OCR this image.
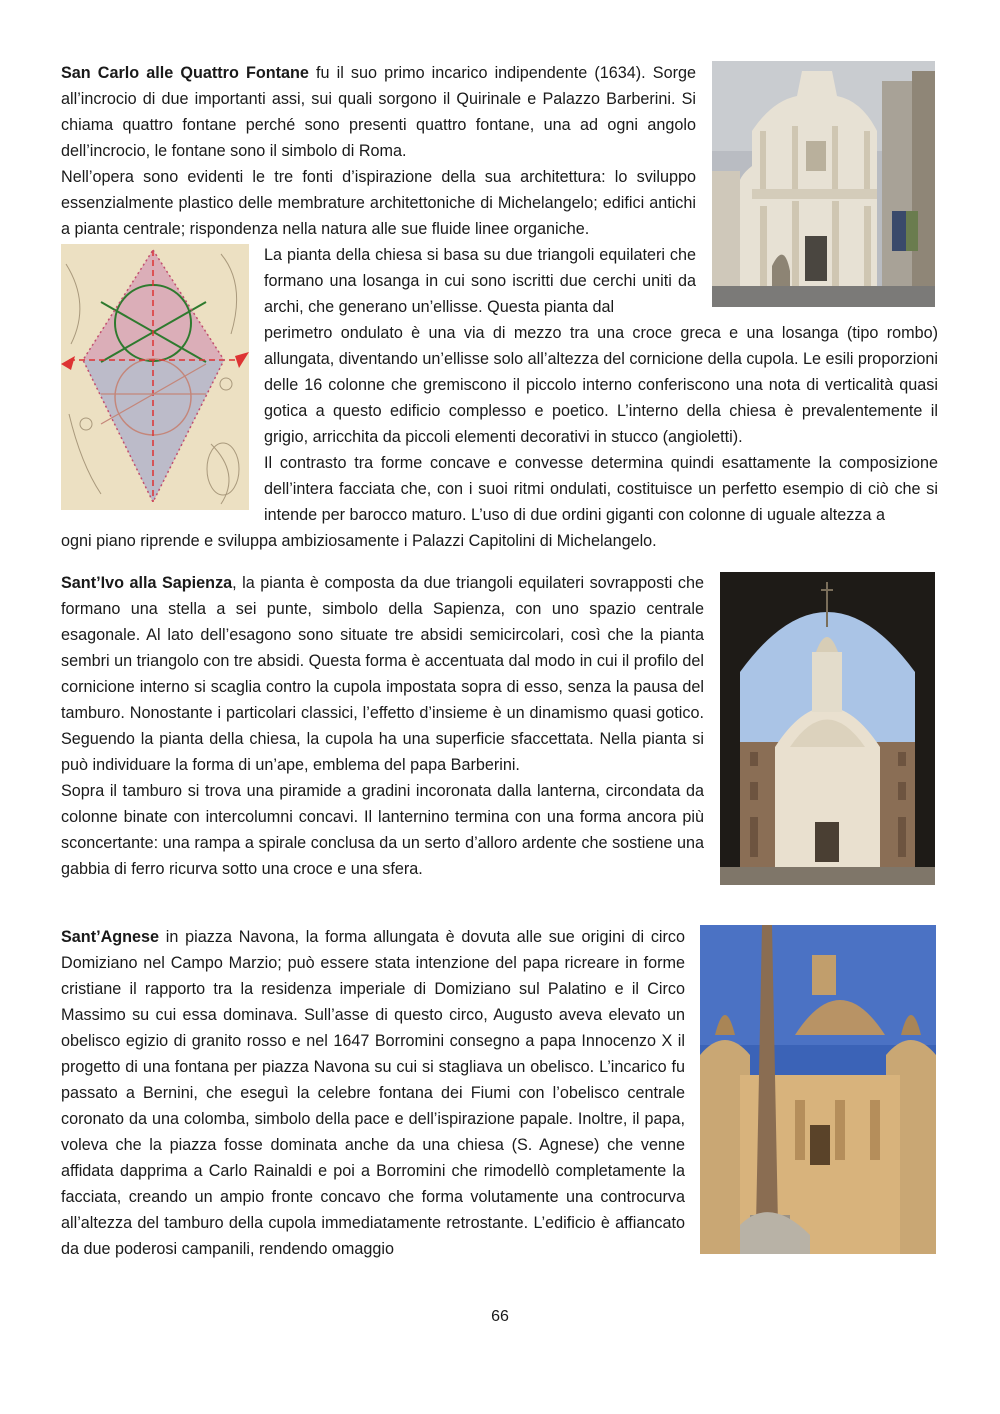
San Carlo alle Quattro Fontane fu il suo primo incarico indipendente (1634). Sorge all’incrocio di due importanti assi, sui quali sorgono il Quirinale e Palazzo Barberini. Si chiama quattro fontane perché sono presenti quattro fontane, una ad ogni angolo dell’incrocio, le fontane sono il simbolo di Roma.

Nell’opera sono evidenti le tre fonti d’ispirazione della sua architettura: lo sviluppo essenzialmente plastico delle membrature architettoniche di Michelangelo; edifici antichi a pianta centrale; rispondenza nella natura alle sue fluide linee organiche.

La pianta della chiesa si basa su due triangoli equilateri che formano una losanga in cui sono iscritti due cerchi uniti da archi, che generano un’ellisse. Questa pianta dal
perimetro ondulato è una via di mezzo tra una croce greca e una losanga (tipo rombo) allungata, diventando un’ellisse solo all’altezza del cornicione della cupola. Le esili proporzioni delle 16 colonne che gremiscono il piccolo interno conferiscono una nota di verticalità quasi gotica a questo edificio complesso e poetico. L’interno della chiesa è prevalentemente il grigio, arricchita da piccoli elementi decorativi in stucco (angioletti).
Il contrasto tra forme concave e convesse determina quindi esattamente la composizione dell’intera facciata che, con i suoi ritmi ondulati, costituisce un perfetto esempio di ciò che si intende per barocco maturo. L’uso di due ordini giganti con colonne di uguale altezza a
ogni piano riprende e sviluppa ambiziosamente i Palazzi Capitolini di Michelangelo.

Sant’Ivo alla Sapienza, la pianta è composta da due triangoli equilateri sovrapposti che formano una stella a sei punte, simbolo della Sapienza, con uno spazio centrale esagonale. Al lato dell’esagono sono situate tre absidi semicircolari, così che la pianta sembri un triangolo con tre absidi. Questa forma è accentuata dal modo in cui il profilo del cornicione interno si scaglia contro la cupola impostata sopra di esso, senza la pausa del tamburo. Nonostante i particolari classici, l’effetto d’insieme è un dinamismo quasi gotico. Seguendo la pianta della chiesa, la cupola ha una superficie sfaccettata. Nella pianta si può individuare la forma di un’ape, emblema del papa Barberini.

Sopra il tamburo si trova una piramide a gradini incoronata dalla lanterna, circondata da colonne binate con intercolumni concavi. Il lanternino termina con una forma ancora più sconcertante: una rampa a spirale conclusa da un serto d’alloro ardente che sostiene una gabbia di ferro ricurva sotto una croce e una sfera.

Sant’Agnese in piazza Navona, la forma allungata è dovuta alle sue origini di circo Domiziano nel Campo Marzio; può essere stata intenzione del papa ricreare in forme cristiane il rapporto tra la residenza imperiale di Domiziano sul Palatino e il Circo Massimo su cui essa dominava. Sull’asse di questo circo, Augusto aveva elevato un obelisco egizio di granito rosso e nel 1647 Borromini consegno a papa Innocenzo X il progetto di una fontana per piazza Navona su cui si stagliava un obelisco. L’incarico fu passato a Bernini, che eseguì la celebre fontana dei Fiumi con l’obelisco centrale coronato da una colomba, simbolo della pace e dell’ispirazione papale. Inoltre, il papa, voleva che la piazza fosse dominata anche da una chiesa (S. Agnese) che venne affidata dapprima a Carlo Rainaldi e poi a Borromini che rimodellò completamente la facciata, creando un ampio fronte concavo che forma volutamente una controcurva all’altezza del tamburo della cupola immediatamente retrostante. L’edificio è affiancato da due poderosi campanili, rendendo omaggio

66
